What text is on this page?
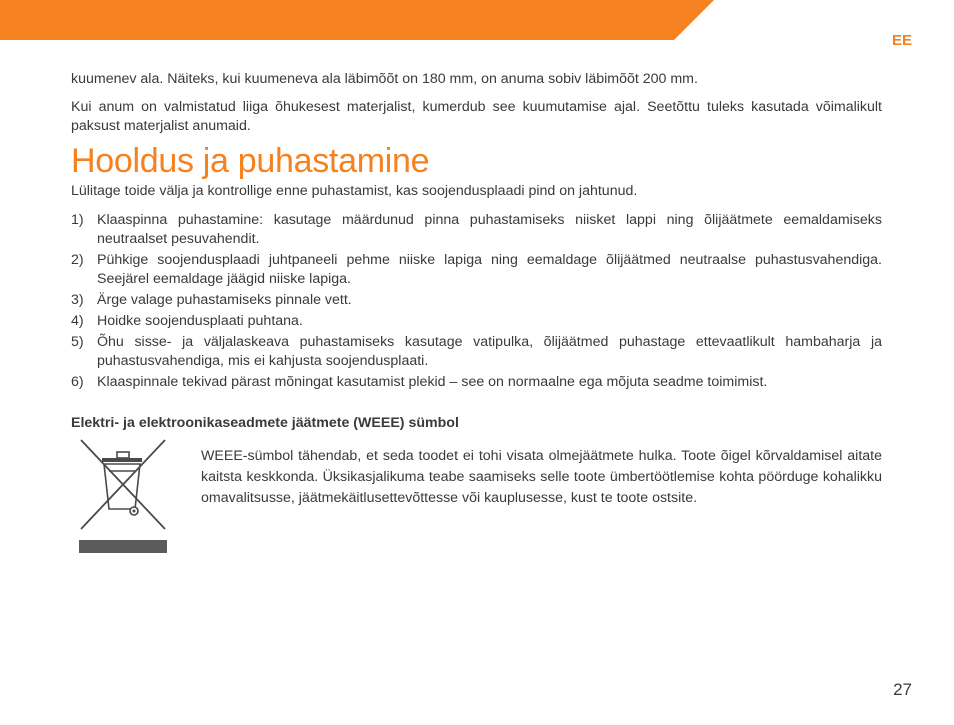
EE

kuumenev ala. Näiteks, kui kuumeneva ala läbimõõt on 180 mm, on anuma sobiv läbimõõt 200 mm.

Kui anum on valmistatud liiga õhukesest materjalist, kumerdub see kuumutamise ajal. Seetõttu tuleks kasutada võimalikult paksust materjalist anumaid.

Hooldus ja puhastamine

Lülitage toide välja ja kontrollige enne puhastamist, kas soojendusplaadi pind on jahtunud.

1) Klaaspinna puhastamine: kasutage määrdunud pinna puhastamiseks niisket lappi ning õlijäätmete eemaldamiseks neutraalset pesuvahendit.
2) Pühkige soojendusplaadi juhtpaneeli pehme niiske lapiga ning eemaldage õlijäätmed neutraalse puhastusvahendiga. Seejärel eemaldage jäägid niiske lapiga.
3) Ärge valage puhastamiseks pinnale vett.
4) Hoidke soojendusplaati puhtana.
5) Õhu sisse- ja väljalaskeava puhastamiseks kasutage vatipulka, õlijäätmed puhastage ettevaatlikult hambaharja ja puhastusvahendiga, mis ei kahjusta soojendusplaati.
6) Klaaspinnale tekivad pärast mõningat kasutamist plekid – see on normaalne ega mõjuta seadme toimimist.
Elektri- ja elektroonikaseadmete jäätmete (WEEE) sümbol

WEEE-sümbol tähendab, et seda toodet ei tohi visata olmejäätmete hulka. Toote õigel kõrvaldamisel aitate kaitsta keskkonda. Üksikasjalikuma teabe saamiseks selle toote ümbertöötlemise kohta pöörduge kohalikku omavalitsusse, jäätmekäitlusettevõttesse või kauplusesse, kust te toote ostsite.

27
